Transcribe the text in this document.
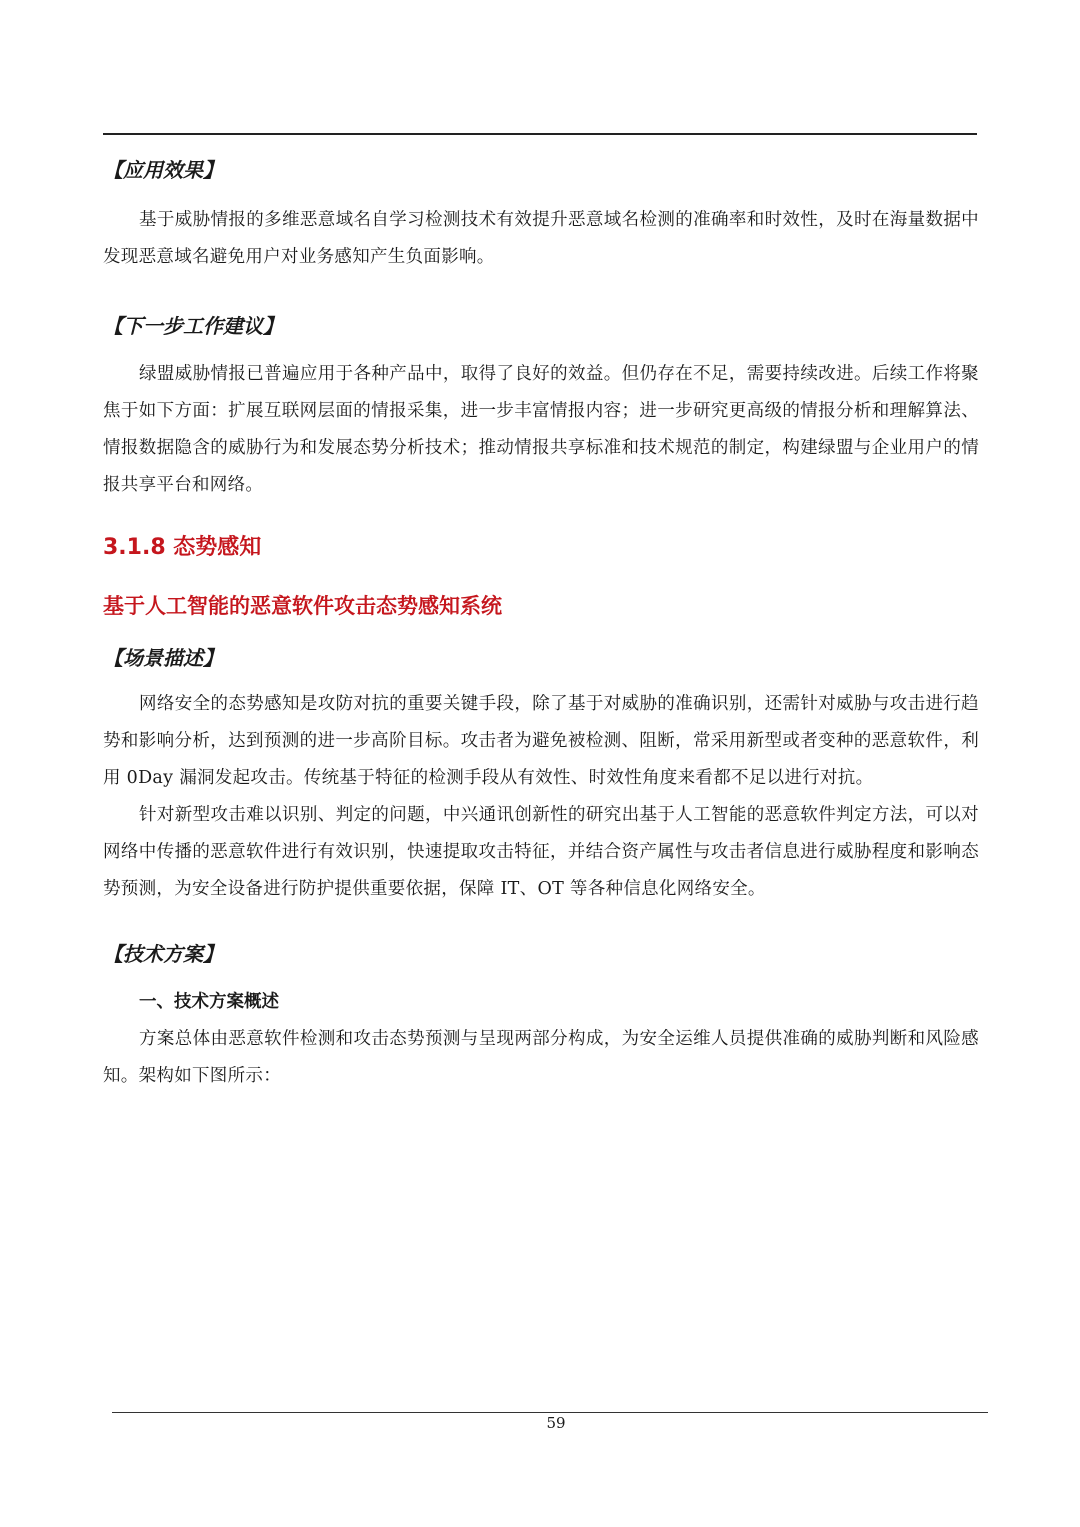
【应用效果】

基于威胁情报的多维恶意域名自学习检测技术有效提升恶意域名检测的准确率和时效性，及时在海量数据中发现恶意域名避免用户对业务感知产生负面影响。

【下一步工作建议】

绿盟威胁情报已普遍应用于各种产品中，取得了良好的效益。但仍存在不足，需要持续改进。后续工作将聚焦于如下方面：扩展互联网层面的情报采集，进一步丰富情报内容；进一步研究更高级的情报分析和理解算法、情报数据隐含的威胁行为和发展态势分析技术；推动情报共享标准和技术规范的制定，构建绿盟与企业用户的情报共享平台和网络。

3.1.8 态势感知
基于人工智能的恶意软件攻击态势感知系统
【场景描述】

网络安全的态势感知是攻防对抗的重要关键手段，除了基于对威胁的准确识别，还需针对威胁与攻击进行趋势和影响分析，达到预测的进一步高阶目标。攻击者为避免被检测、阻断，常采用新型或者变种的恶意软件，利用 0Day 漏洞发起攻击。传统基于特征的检测手段从有效性、时效性角度来看都不足以进行对抗。

针对新型攻击难以识别、判定的问题，中兴通讯创新性的研究出基于人工智能的恶意软件判定方法，可以对网络中传播的恶意软件进行有效识别，快速提取攻击特征，并结合资产属性与攻击者信息进行威胁程度和影响态势预测，为安全设备进行防护提供重要依据，保障 IT、OT 等各种信息化网络安全。

【技术方案】

一、技术方案概述

方案总体由恶意软件检测和攻击态势预测与呈现两部分构成，为安全运维人员提供准确的威胁判断和风险感知。架构如下图所示：

59
